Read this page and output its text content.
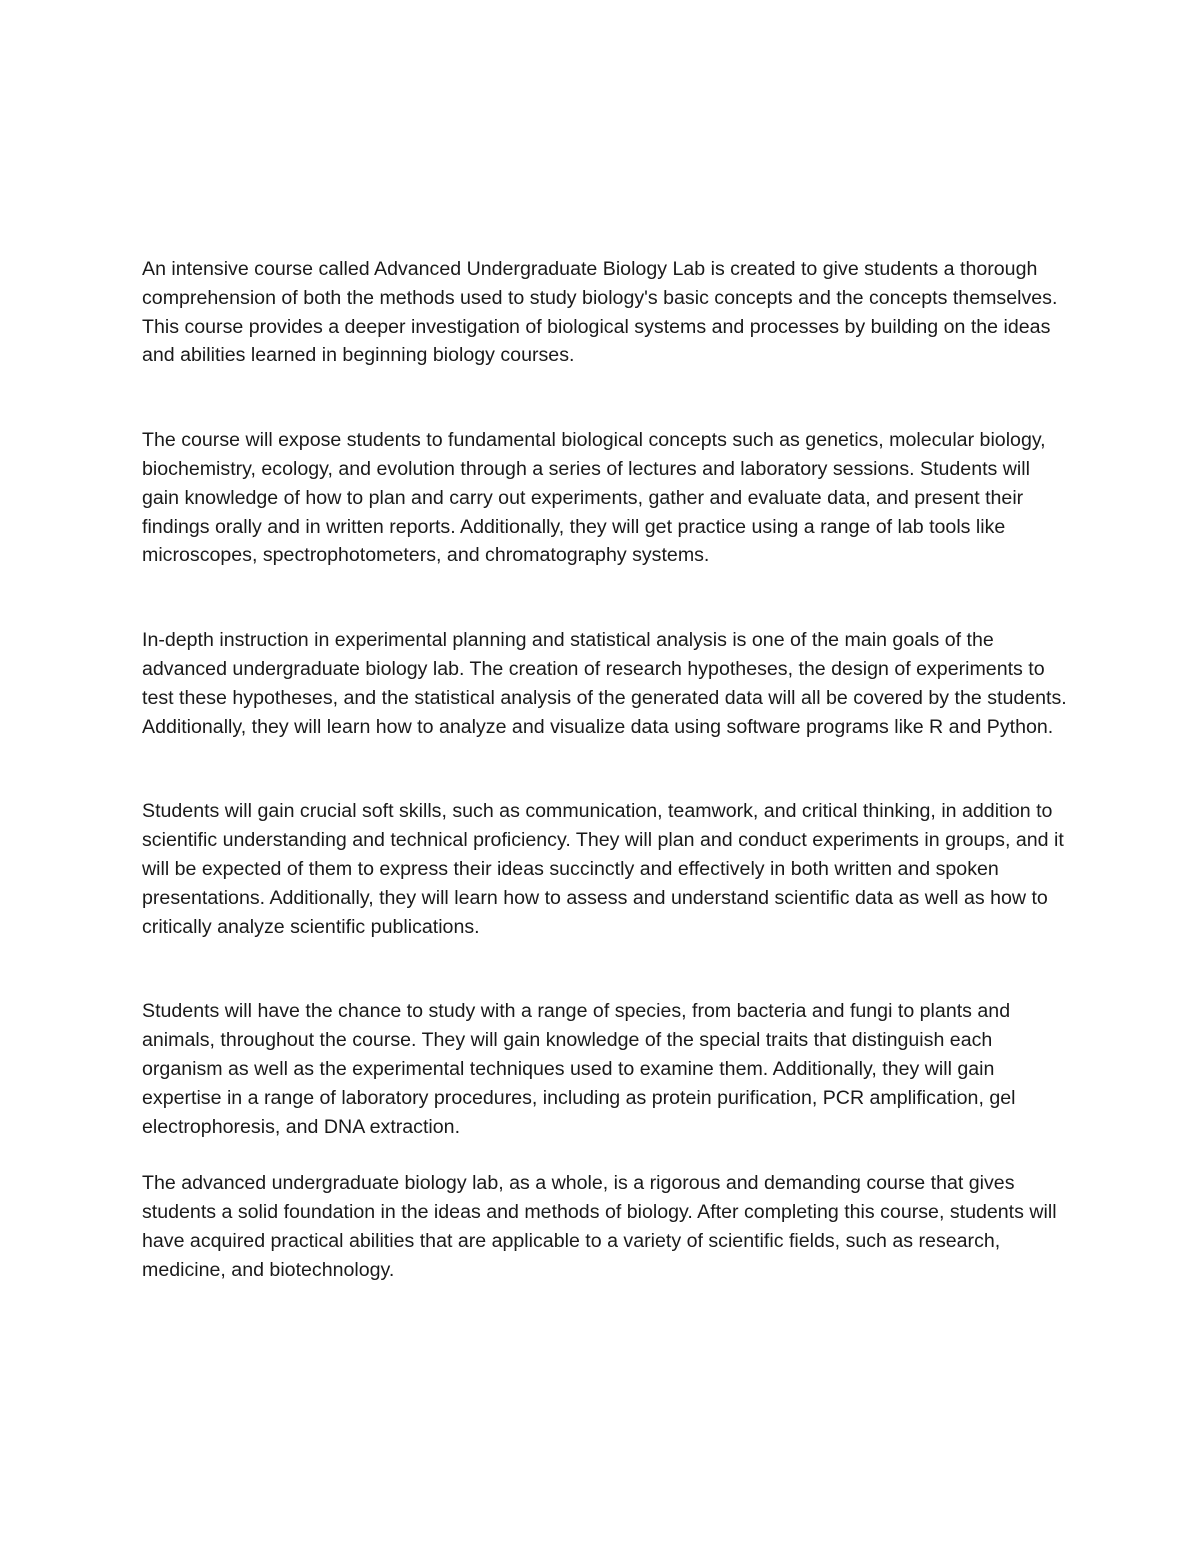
An intensive course called Advanced Undergraduate Biology Lab is created to give students a thorough comprehension of both the methods used to study biology's basic concepts and the concepts themselves. This course provides a deeper investigation of biological systems and processes by building on the ideas and abilities learned in beginning biology courses.

The course will expose students to fundamental biological concepts such as genetics, molecular biology, biochemistry, ecology, and evolution through a series of lectures and laboratory sessions. Students will gain knowledge of how to plan and carry out experiments, gather and evaluate data, and present their findings orally and in written reports. Additionally, they will get practice using a range of lab tools like microscopes, spectrophotometers, and chromatography systems.

In-depth instruction in experimental planning and statistical analysis is one of the main goals of the advanced undergraduate biology lab. The creation of research hypotheses, the design of experiments to test these hypotheses, and the statistical analysis of the generated data will all be covered by the students. Additionally, they will learn how to analyze and visualize data using software programs like R and Python.

Students will gain crucial soft skills, such as communication, teamwork, and critical thinking, in addition to scientific understanding and technical proficiency. They will plan and conduct experiments in groups, and it will be expected of them to express their ideas succinctly and effectively in both written and spoken presentations. Additionally, they will learn how to assess and understand scientific data as well as how to critically analyze scientific publications.

Students will have the chance to study with a range of species, from bacteria and fungi to plants and animals, throughout the course. They will gain knowledge of the special traits that distinguish each organism as well as the experimental techniques used to examine them. Additionally, they will gain expertise in a range of laboratory procedures, including as protein purification, PCR amplification, gel electrophoresis, and DNA extraction.

The advanced undergraduate biology lab, as a whole, is a rigorous and demanding course that gives students a solid foundation in the ideas and methods of biology. After completing this course, students will have acquired practical abilities that are applicable to a variety of scientific fields, such as research, medicine, and biotechnology.
